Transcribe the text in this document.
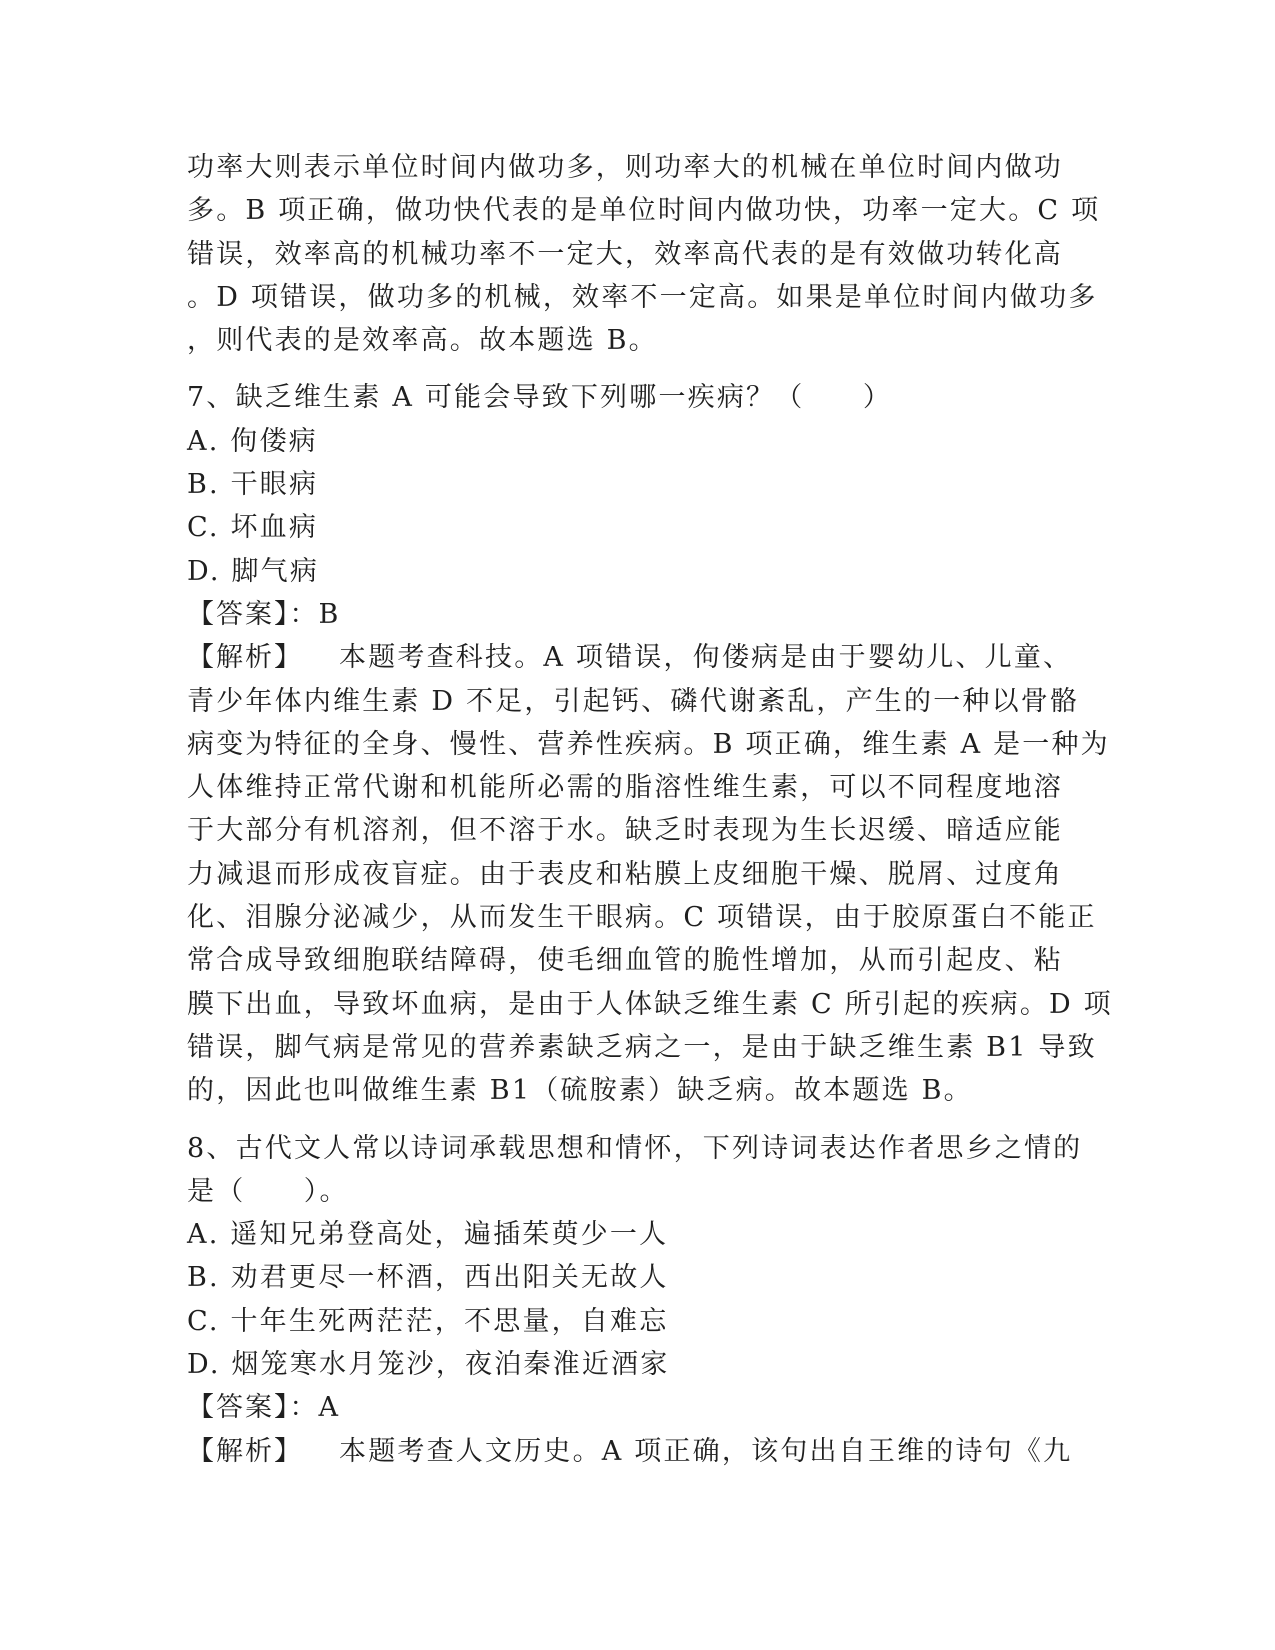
功率大则表示单位时间内做功多，则功率大的机械在单位时间内做功
多。B 项正确，做功快代表的是单位时间内做功快，功率一定大。C 项
错误，效率高的机械功率不一定大，效率高代表的是有效做功转化高
。D 项错误，做功多的机械，效率不一定高。如果是单位时间内做功多
，则代表的是效率高。故本题选 B。
7、缺乏维生素 A 可能会导致下列哪一疾病？（　　）
A. 佝偻病
B. 干眼病
C. 坏血病
D. 脚气病
【答案】：B
【解析】 本题考查科技。A 项错误，佝偻病是由于婴幼儿、儿童、
青少年体内维生素 D 不足，引起钙、磷代谢紊乱，产生的一种以骨骼
病变为特征的全身、慢性、营养性疾病。B 项正确，维生素 A 是一种为
人体维持正常代谢和机能所必需的脂溶性维生素，可以不同程度地溶
于大部分有机溶剂，但不溶于水。缺乏时表现为生长迟缓、暗适应能
力减退而形成夜盲症。由于表皮和粘膜上皮细胞干燥、脱屑、过度角
化、泪腺分泌减少，从而发生干眼病。C 项错误，由于胶原蛋白不能正
常合成导致细胞联结障碍，使毛细血管的脆性增加，从而引起皮、粘
膜下出血，导致坏血病，是由于人体缺乏维生素 C 所引起的疾病。D 项
错误，脚气病是常见的营养素缺乏病之一，是由于缺乏维生素 B1 导致
的，因此也叫做维生素 B1（硫胺素）缺乏病。故本题选 B。
8、古代文人常以诗词承载思想和情怀，下列诗词表达作者思乡之情的
是（　　）。
A. 遥知兄弟登高处，遍插茱萸少一人
B. 劝君更尽一杯酒，西出阳关无故人
C. 十年生死两茫茫，不思量，自难忘
D. 烟笼寒水月笼沙，夜泊秦淮近酒家
【答案】：A
【解析】 本题考查人文历史。A 项正确，该句出自王维的诗句《九
